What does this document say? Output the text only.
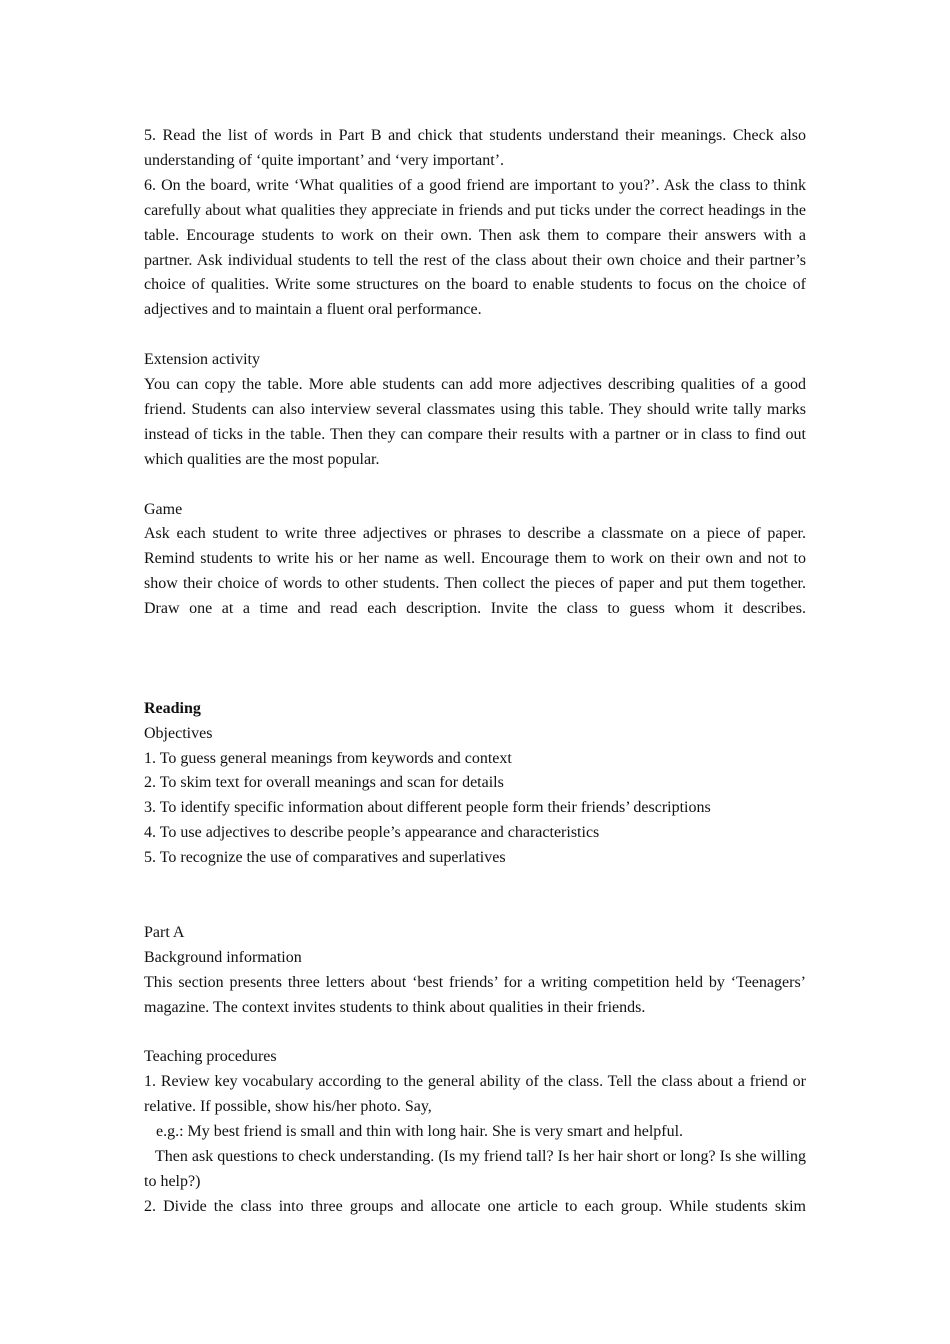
5. Read the list of words in Part B and chick that students understand their meanings. Check also understanding of ‘quite important’ and ‘very important’.

6. On the board, write ‘What qualities of a good friend are important to you?’. Ask the class to think carefully about what qualities they appreciate in friends and put ticks under the correct headings in the table. Encourage students to work on their own. Then ask them to compare their answers with a partner. Ask individual students to tell the rest of the class about their own choice and their partner’s choice of qualities. Write some structures on the board to enable students to focus on the choice of adjectives and to maintain a fluent oral performance.

Extension activity

You can copy the table. More able students can add more adjectives describing qualities of a good friend. Students can also interview several classmates using this table. They should write tally marks instead of ticks in the table. Then they can compare their results with a partner or in class to find out which qualities are the most popular.

Game

Ask each student to write three adjectives or phrases to describe a classmate on a piece of paper. Remind students to write his or her name as well. Encourage them to work on their own and not to show their choice of words to other students. Then collect the pieces of paper and put them together. Draw one at a time and read each description. Invite the class to guess whom it describes.

Reading

Objectives

1. To guess general meanings from keywords and context

2. To skim text for overall meanings and scan for details

3. To identify specific information about different people form their friends’ descriptions

4. To use adjectives to describe people’s appearance and characteristics

5. To recognize the use of comparatives and superlatives

Part A

Background information

This section presents three letters about ‘best friends’ for a writing competition held by ‘Teenagers’ magazine. The context invites students to think about qualities in their friends.

Teaching procedures

1. Review key vocabulary according to the general ability of the class. Tell the class about a friend or relative. If possible, show his/her photo. Say,

e.g.: My best friend is small and thin with long hair. She is very smart and helpful.

Then ask questions to check understanding. (Is my friend tall? Is her hair short or long? Is she willing to help?)

2. Divide the class into three groups and allocate one article to each group. While students skim
